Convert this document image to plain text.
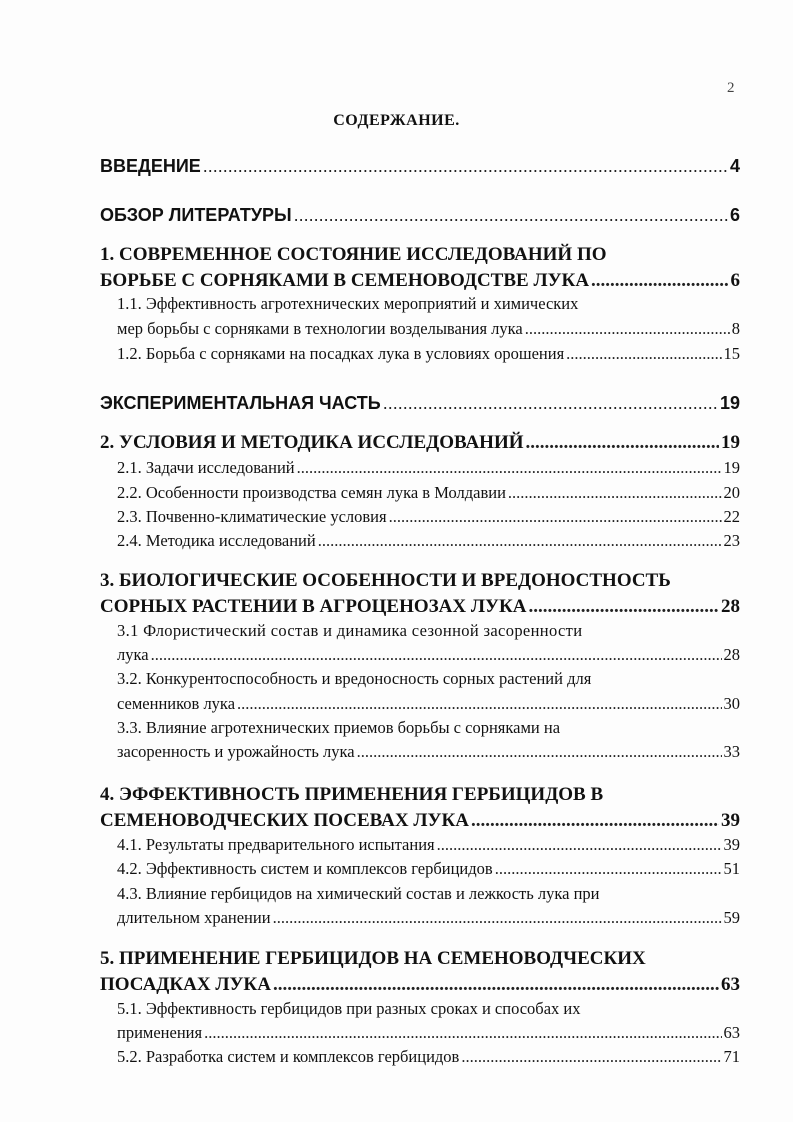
2
СОДЕРЖАНИЕ.
ВВЕДЕНИЕ .....	4
ОБЗОР ЛИТЕРАТУРЫ .....	6
1. СОВРЕМЕННОЕ СОСТОЯНИЕ ИССЛЕДОВАНИЙ ПО
БОРЬБЕ С СОРНЯКАМИ В СЕМЕНОВОДСТВЕ ЛУКА .....	6
1.1. Эффективность агротехнических мероприятий и химических
мер борьбы с сорняками в технологии возделывания лука .....	8
1.2. Борьба с сорняками на посадках лука в условиях орошения .....	15
ЭКСПЕРИМЕНТАЛЬНАЯ ЧАСТЬ .....	19
2. УСЛОВИЯ И МЕТОДИКА ИССЛЕДОВАНИЙ .....	19
2.1. Задачи исследований .....	19
2.2. Особенности производства семян лука в Молдавии .....	20
2.3. Почвенно-климатические условия .....	22
2.4. Методика исследований .....	23
3. БИОЛОГИЧЕСКИЕ ОСОБЕННОСТИ И ВРЕДОНОСТНОСТЬ
СОРНЫХ РАСТЕНИИ В АГРОЦЕНОЗАХ ЛУКА .....	28
3.1 Флористический состав и динамика сезонной засоренности
лука .....	28
3.2. Конкурентоспособность и вредоносность сорных растений для
семенников лука .....	30
3.3. Влияние агротехнических приемов борьбы с сорняками на
засоренность и урожайность лука .....	33
4. ЭФФЕКТИВНОСТЬ ПРИМЕНЕНИЯ ГЕРБИЦИДОВ В
СЕМЕНОВОДЧЕСКИХ ПОСЕВАХ ЛУКА .....	39
4.1. Результаты предварительного испытания .....	39
4.2. Эффективность систем и комплексов гербицидов .....	51
4.3. Влияние гербицидов на химический состав и лежкость лука при
длительном хранении .....	59
5. ПРИМЕНЕНИЕ ГЕРБИЦИДОВ НА СЕМЕНОВОДЧЕСКИХ
ПОСАДКАХ ЛУКА .....	63
5.1. Эффективность гербицидов при разных сроках и способах их
применения .....	63
5.2. Разработка систем и комплексов гербицидов .....	71
